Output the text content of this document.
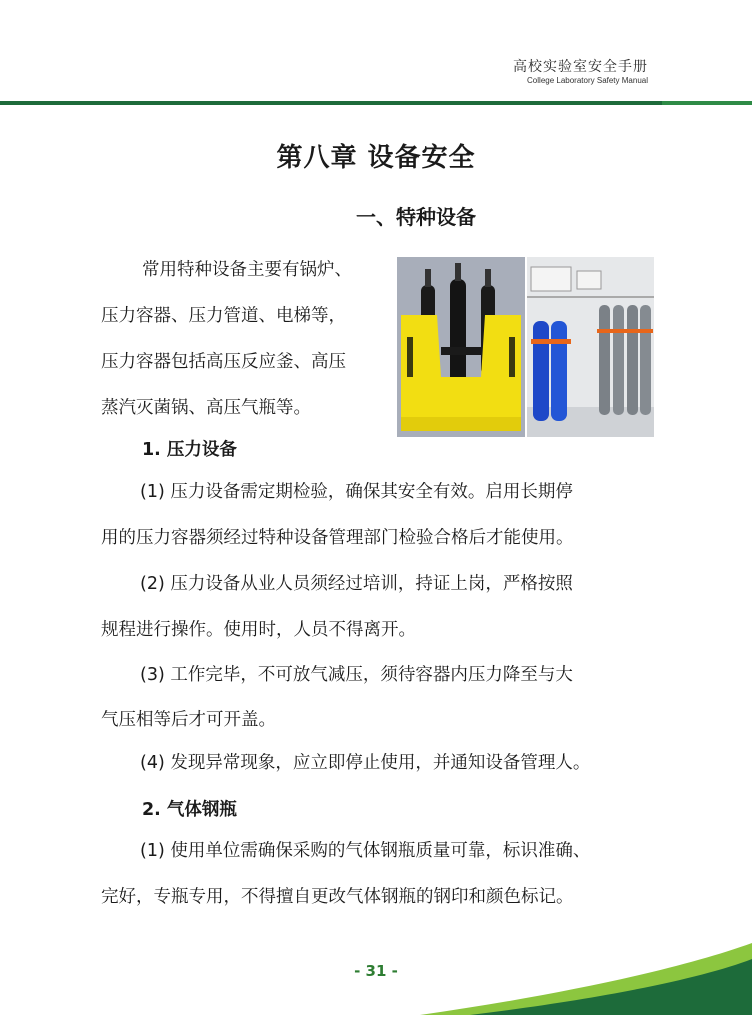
高校实验室安全手册
College Laboratory Safety Manual
第八章 设备安全
一、特种设备
常用特种设备主要有锅炉、
压力容器、压力管道、电梯等，
压力容器包括高压反应釜、高压
蒸汽灭菌锅、高压气瓶等。
1. 压力设备
(1) 压力设备需定期检验，确保其安全有效。启用长期停
用的压力容器须经过特种设备管理部门检验合格后才能使用。
(2) 压力设备从业人员须经过培训，持证上岗，严格按照
规程进行操作。使用时，人员不得离开。
(3) 工作完毕，不可放气减压，须待容器内压力降至与大
气压相等后才可开盖。
(4) 发现异常现象，应立即停止使用，并通知设备管理人。
2. 气体钢瓶
(1) 使用单位需确保采购的气体钢瓶质量可靠，标识准确、
完好，专瓶专用，不得擅自更改气体钢瓶的钢印和颜色标记。
- 31 -
